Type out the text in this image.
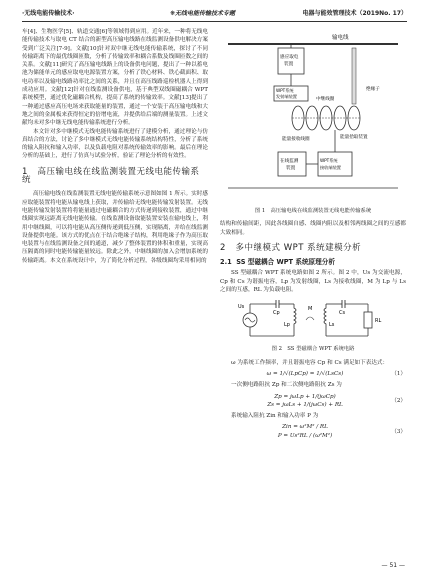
·无线电能传输技术·	❋无线电能传输技术专题	电器与能效管理技术（2019No. 17）

车[4]、生物医学[5]、轨道交通[6]等领域得到应用。近年来，一种将无线电能传输技术与取电 CT 结合的新型高压输电线路在线监测设备供电解决方案受到广泛关注[7-9]。文献[10]针对双中继无线电能传输系统，探讨了不同传输距离下的最优线圈匝数，分析了传输效率和耦合系数及线圈匝数之间的关系。文献[11]研究了高压输电线路上的设备供电问题，提出了一种以蓄电池为储能单元的感应取电电源装置方案，分析了铁心材料、铁心截面积、取电功率以及输电线路功率比之间的关系，并且在高压线路巡检机器人上得到成功应用。文献[12]针对在线监测设备供电，基于典型双线圈磁耦合 WPT 系统模型，通过优化磁耦合机构，提高了系统的传输效率。文献[13]提出了一种通过感应高压电场来获取能量的装置，通过一个安装于高压输电线和大地之间的金属板来获得恒定的倍增电流，并提供给后端的测量装置。上述文献均未对多中继无线电能传输系统进行分析。

本文针对多中继模式无线电能传输系统进行了建模分析，通过理论与仿真结合的方法，讨论了多中继模式无线电能传输系统结构特性，分析了系统的输入阻抗和输入功率，以及负载电阻对系统传输效率的影响。最后在理论分析的基础上，进行了仿真与试验分析，验证了理论分析的有效性。

1 高压输电线在线监测装置无线电能传输系统

高压输电线在线监测装置无线电能传输系统示意图如图 1 所示。实时感应取能装置将电能从输电线上获取，并传输给无线电能传输发射装置。无线电能传输发射装置将将能量通过电磁耦合的方式传递到接收装置，通过中继线圈实现远距离无线电能传输。在线监测设备取能装置安装在输电线上，利用中继线圈，可以将电能从高压侧传递到低压侧，实现隔离，并给在线监测设备提供电能。该方式的优点在于结合绝缘子结构，利用绝缘子作为高压取电装置与在线监测设备之间的通道，减少了整体装置的体积和重量，实现高压隔离的同时电能传输能量较远。除此之外，中继线圈的加入会增加系统的传输距离。本文在系统设计中，为了简化分析过程，各级线圈均采用相同的

输电线
感应取电
装置
WPT系统
发射端装置
中继线圈
绝缘子
能量拾取装置
能量接收线圈
在线监测
装置
WPT系统
接收端装置
图 1　高压输电线在线监测装置无线电能传输系统

结构和传输间距，因此各线圈自感、线圈内阻以及相邻两线圈之间的互感都大致相同。

2 多中继模式 WPT 系统建模分析
2.1 SS 型磁耦合 WPT 系统原理分析

SS 型磁耦合 WPT 系统电路如图 2 所示。图 2 中，Us 为交流电源，Cp 和 Cs 为谐振电容，Lp 为发射线圈，Ls 为接收线圈，M 为 Lp 与 Ls 之间的互感，RL 为负载电阻。

Us
Cp
Lp
M
Ls
Cs
RL
图 2　SS 型磁耦合 WPT 系统电路

ω 为系统工作频率，并且谐振电容 Cp 和 Cs 满足如下表达式：

ω = 1/√(LpCp) = 1/√(LsCs)	（1）

一次侧电路阻抗 Zp 和二次侧电路阻抗 Zs 为

Zp = jωLp + 1/(jωCp)
Zs = jωLs + 1/(jωCs) + RL
（2）

系统输入阻抗 Zin 和输入功率 P 为

Zin = ω²M² / RL
P = Us²RL / (ω²M²)
（3）
— 51 —
